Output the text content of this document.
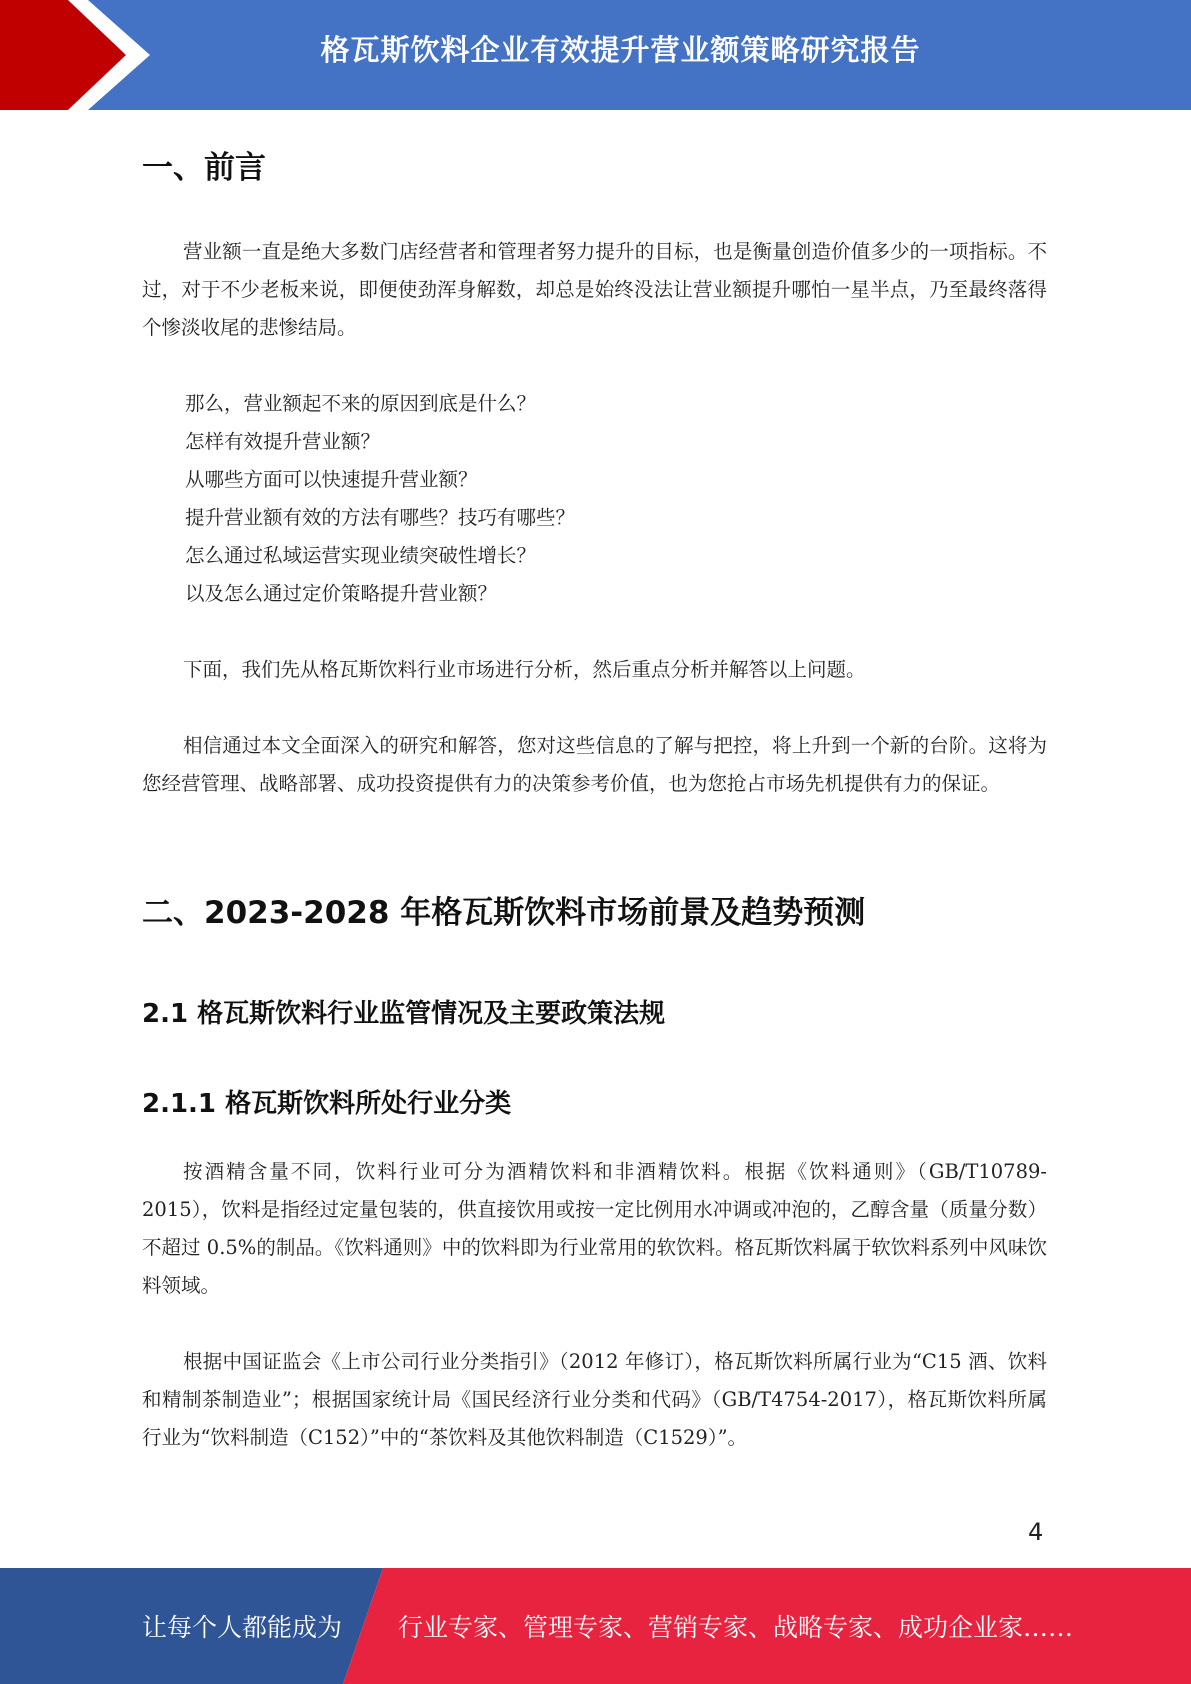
格瓦斯饮料企业有效提升营业额策略研究报告
一、前言

营业额一直是绝大多数门店经营者和管理者努力提升的目标，也是衡量创造价值多少的一项指标。不过，对于不少老板来说，即便使劲浑身解数，却总是始终没法让营业额提升哪怕一星半点，乃至最终落得个惨淡收尾的悲惨结局。

那么，营业额起不来的原因到底是什么？
怎样有效提升营业额？
从哪些方面可以快速提升营业额？
提升营业额有效的方法有哪些？技巧有哪些？
怎么通过私域运营实现业绩突破性增长？
以及怎么通过定价策略提升营业额？

下面，我们先从格瓦斯饮料行业市场进行分析，然后重点分析并解答以上问题。

相信通过本文全面深入的研究和解答，您对这些信息的了解与把控，将上升到一个新的台阶。这将为您经营管理、战略部署、成功投资提供有力的决策参考价值，也为您抢占市场先机提供有力的保证。

二、2023-2028 年格瓦斯饮料市场前景及趋势预测
2.1 格瓦斯饮料行业监管情况及主要政策法规
2.1.1 格瓦斯饮料所处行业分类

按酒精含量不同，饮料行业可分为酒精饮料和非酒精饮料。根据《饮料通则》（GB/T10789-2015），饮料是指经过定量包装的，供直接饮用或按一定比例用水冲调或冲泡的，乙醇含量（质量分数）不超过 0.5%的制品。《饮料通则》中的饮料即为行业常用的软饮料。格瓦斯饮料属于软饮料系列中风味饮料领域。

根据中国证监会《上市公司行业分类指引》（2012 年修订），格瓦斯饮料所属行业为“C15 酒、饮料和精制茶制造业”；根据国家统计局《国民经济行业分类和代码》（GB/T4754-2017），格瓦斯饮料所属行业为“饮料制造（C152）”中的“茶饮料及其他饮料制造（C1529）”。

4
让每个人都能成为 行业专家、管理专家、营销专家、战略专家、成功企业家……
